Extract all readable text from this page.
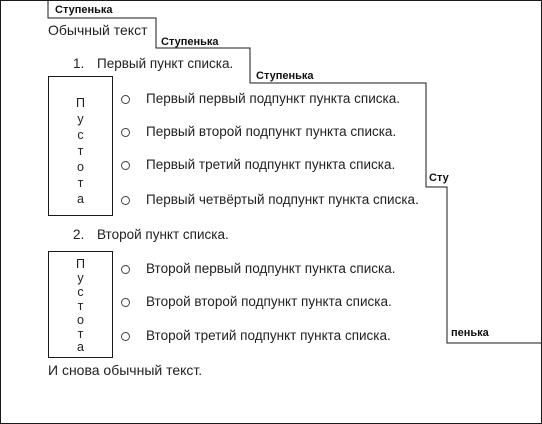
Ступенька
Ступенька
Ступенька
Сту
пенька
Обычный текст
1. Первый пункт списка.
П
у
с
т
о
т
а
Первый первый подпункт пункта списка.
Первый второй подпункт пункта списка.
Первый третий подпункт пункта списка.
Первый четвёртый подпункт пункта списка.
2. Второй пункт списка.
П
у
с
т
о
т
а
Второй первый подпункт пункта списка.
Второй второй подпункт пункта списка.
Второй третий подпункт пункта списка.
И снова обычный текст.
